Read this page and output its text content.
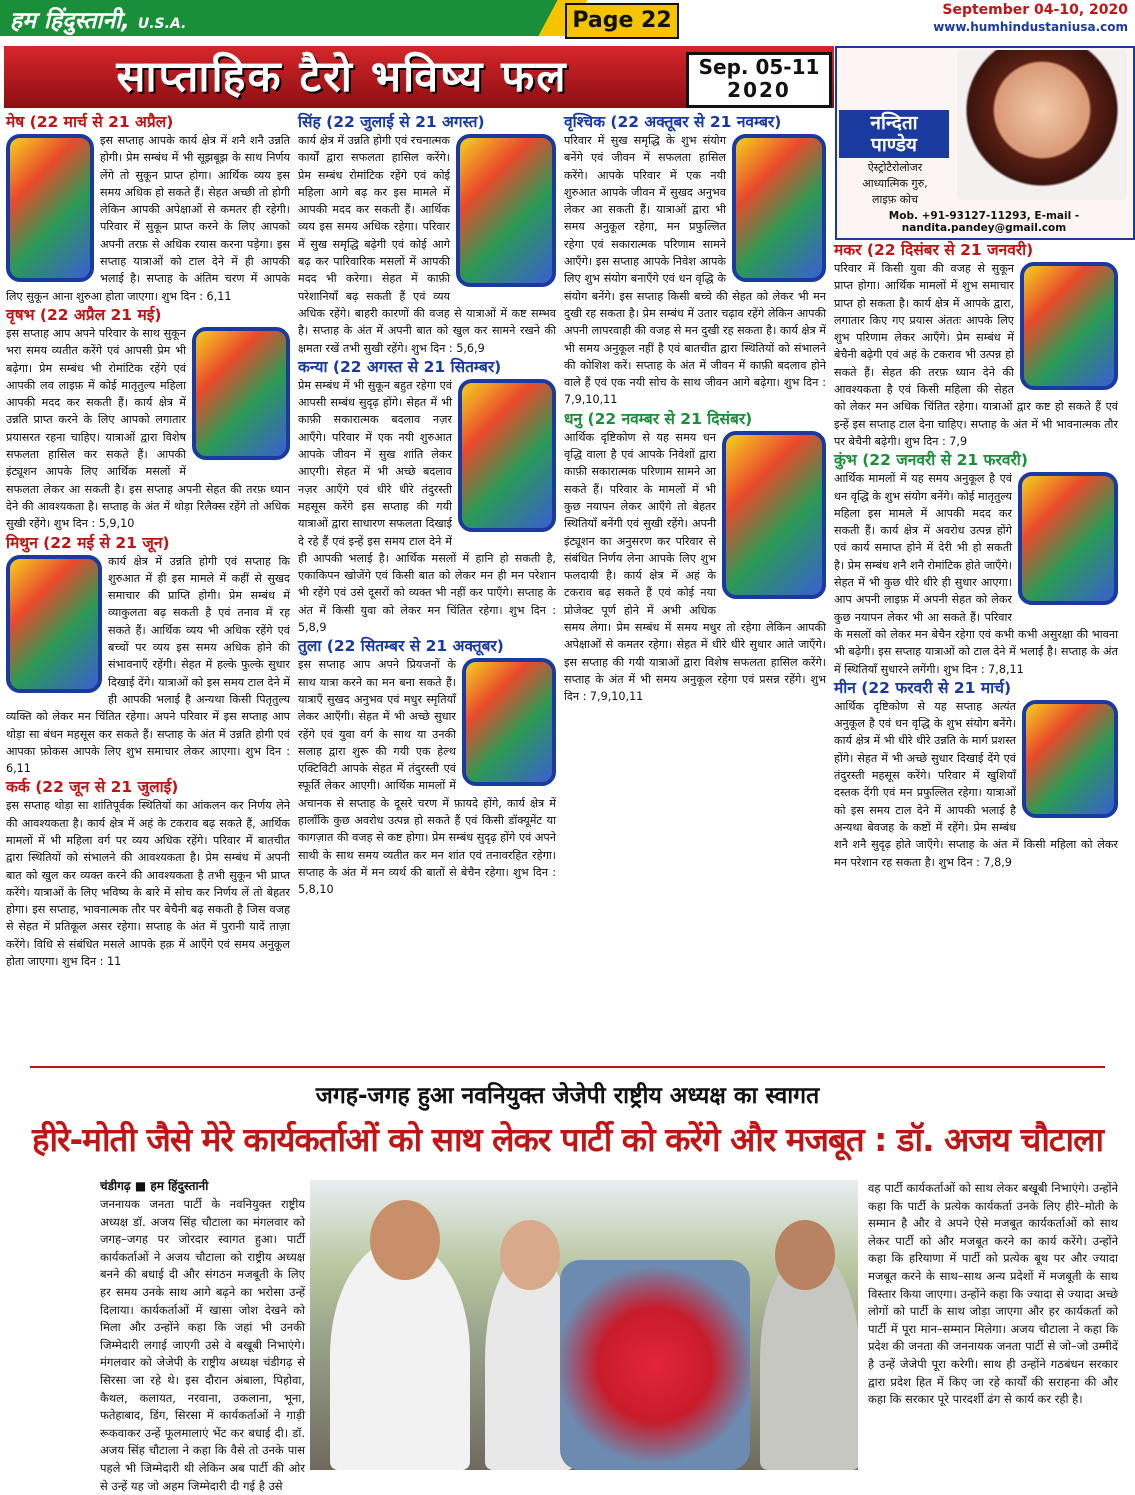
हम हिंदुस्तानी, U.S.A.	Page 22	September 04-10, 2020
www.humhindustaniusa.com
साप्ताहिक टैरो भविष्य फल	Sep. 05-11
2020
नन्दिता
पाण्डेय
ऐस्ट्रोटैरोलोजर
आध्यात्मिक गुरु,
लाइफ़ कोच
Mob. +91-93127-11293, E-mail - nandita.pandey@gmail.com
मेष (22 मार्च से 21 अप्रैल)
इस सप्ताह आपके कार्य क्षेत्र में शनै शनै उन्नति होगी। प्रेम सम्बंध में भी सूझबूझ के साथ निर्णय लेंगे तो सुकून प्राप्त होगा। आर्थिक व्यय इस समय अधिक हो सकते हैं। सेहत अच्छी तो होगी लेकिन आपकी अपेक्षाओं से कमतर ही रहेगी। परिवार में सुकून प्राप्त करने के लिए आपको अपनी तरफ़ से अधिक रयास करना पड़ेगा। इस सप्ताह यात्राओं को टाल देने में ही आपकी भलाई है। सप्ताह के अंतिम चरण में आपके लिए सुकून आना शुरुआ होता जाएगा। शुभ दिन : 6,11
वृषभ (22 अप्रैल 21 मई)
इस सप्ताह आप अपने परिवार के साथ सुकून भरा समय व्यतीत करेंगे एवं आपसी प्रेम भी बढ़ेगा। प्रेम सम्बंध भी रोमांटिक रहेंगे एवं आपकी लव लाइफ़ में कोई मातृतुल्य महिला आपकी मदद कर सकती हैं। कार्य क्षेत्र में उन्नति प्राप्त करने के लिए आपको लगातार प्रयासरत रहना चाहिए। यात्राओं द्वारा विशेष सफलता हासिल कर सकते हैं। आपकी इंट्यूशन आपके लिए आर्थिक मसलों में सफलता लेकर आ सकती है। इस सप्ताह अपनी सेहत की तरफ़ ध्यान देने की आवश्यकता है। सप्ताह के अंत में थोड़ा रिलैक्स रहेंगे तो अधिक सुखी रहेंगे। शुभ दिन : 5,9,10
मिथुन (22 मई से 21 जून)
कार्य क्षेत्र में उन्नति होगी एवं सप्ताह कि शुरुआत में ही इस मामले में कहीं से सुखद समाचार की प्राप्ति होगी। प्रेम सम्बंध में व्याकुलता बढ़ सकती है एवं तनाव में रह सकते हैं। आर्थिक व्यय भी अधिक रहेंगे एवं बच्चों पर व्यय इस समय अधिक होने की संभावनाएँ रहेंगी। सेहत में हल्के फुल्के सुधार दिखाई देंगे। यात्राओं को इस समय टाल देने में ही आपकी भलाई है अन्यथा किसी पितृतुल्य व्यक्ति को लेकर मन चिंतित रहेगा। अपने परिवार में इस सप्ताह आप थोड़ा सा बंधन महसूस कर सकते हैं। सप्ताह के अंत में उन्नति होगी एवं आपका फ़ोकस आपके लिए शुभ समाचार लेकर आएगा। शुभ दिन : 6,11
कर्क (22 जून से 21 जुलाई)
इस सप्ताह थोड़ा सा शांतिपूर्वक स्थितियों का आंकलन कर निर्णय लेने की आवश्यकता है। कार्य क्षेत्र में अहं के टकराव बढ़ सकते हैं, आर्थिक मामलों में भी महिला वर्ग पर व्यय अधिक रहेंगे। परिवार में बातचीत द्वारा स्थितियों को संभालने की आवश्यकता है। प्रेम सम्बंध में अपनी बात को खुल कर व्यक्त करने की आवश्यकता है तभी सुकून भी प्राप्त करेंगे। यात्राओं के लिए भविष्य के बारे में सोच कर निर्णय लें तो बेहतर होगा। इस सप्ताह, भावनात्मक तौर पर बेचैनी बढ़ सकती है जिस वजह से सेहत में प्रतिकूल असर रहेगा। सप्ताह के अंत में पुरानी यादें ताज़ा करेंगे। विधि से संबंधित मसले आपके हक़ में आएँगे एवं समय अनुकूल होता जाएगा। शुभ दिन : 11
सिंह (22 जुलाई से 21 अगस्त)
कार्य क्षेत्र में उन्नति होगी एवं रचनात्मक कार्यों द्वारा सफलता हासिल करेंगे। प्रेम सम्बंध रोमांटिक रहेंगे एवं कोई महिला आगे बढ़ कर इस मामले में आपकी मदद कर सकती हैं। आर्थिक व्यय इस समय अधिक रहेगा। परिवार में सुख समृद्धि बढ़ेगी एवं कोई आगे बढ़ कर पारिवारिक मसलों में आपकी मदद भी करेगा। सेहत में काफ़ी परेशानियाँ बढ़ सकती हैं एवं व्यय अधिक रहेंगे। बाहरी कारणों की वजह से यात्राओं में कष्ट सम्भव है। सप्ताह के अंत में अपनी बात को खुल कर सामने रखने की क्षमता रखें तभी सुखी रहेंगे। शुभ दिन : 5,6,9
कन्या (22 अगस्त से 21 सितम्बर)
प्रेम सम्बंध में भी सुकून बहुत रहेगा एवं आपसी सम्बंध सुदृढ़ होंगे। सेहत में भी काफ़ी सकारात्मक बदलाव नज़र आएँगे। परिवार में एक नयी शुरुआत आपके जीवन में सुख शांति लेकर आएगी। सेहत में भी अच्छे बदलाव नज़र आएँगे एवं धीरे धीरे तंदुरस्ती महसूस करेंगे इस सप्ताह की गयी यात्राओं द्वारा साधारण सफलता दिखाई दे रहे हैं एवं इन्हें इस समय टाल देने में ही आपकी भलाई है। आर्थिक मसलों में हानि हो सकती है, एकाकिपन खोजेंगे एवं किसी बात को लेकर मन ही मन परेशान भी रहेंगे एवं उसे दूसरों को व्यक्त भी नहीं कर पाएँगे। सप्ताह के अंत में किसी युवा को लेकर मन चिंतित रहेगा। शुभ दिन : 5,8,9
तुला (22 सितम्बर से 21 अक्तूबर)
इस सप्ताह आप अपने प्रियजनों के साथ यात्रा करने का मन बना सकते हैं। यात्राएँ सुखद अनुभव एवं मधुर स्मृतियाँ लेकर आएँगी। सेहत में भी अच्छे सुधार रहेंगे एवं युवा वर्ग के साथ या उनकी सलाह द्वारा शुरू की गयी एक हेल्थ एक्टिविटी आपके सेहत में तंदुरस्ती एवं स्फूर्ति लेकर आएगी। आर्थिक मामलों में अचानक से सप्ताह के दूसरे चरण में फ़ायदे होंगे, कार्य क्षेत्र में हालाँकि कुछ अवरोध उत्पन्न हो सकते हैं एवं किसी डॉक्यूमेंट या कागज़ात की वजह से कष्ट होगा। प्रेम सम्बंध सुदृढ़ होंगे एवं अपने साथी के साथ समय व्यतीत कर मन शांत एवं तनावरहित रहेगा। सप्ताह के अंत में मन व्यर्थ की बातों से बेचैन रहेगा। शुभ दिन : 5,8,10
वृश्चिक (22 अक्तूबर से 21 नवम्बर)
परिवार में सुख समृद्धि के शुभ संयोग बनेंगे एवं जीवन में सफलता हासिल करेंगे। आपके परिवार में एक नयी शुरुआत आपके जीवन में सुखद अनुभव लेकर आ सकती हैं। यात्राओं द्वारा भी समय अनुकूल रहेगा, मन प्रफुल्लित रहेगा एवं सकारात्मक परिणाम सामने आएँगे। इस सप्ताह आपके निवेश आपके लिए शुभ संयोग बनाएँगे एवं धन वृद्धि के संयोग बनेंगे। इस सप्ताह किसी बच्चे की सेहत को लेकर भी मन दुखी रह सकता है। प्रेम सम्बंध में उतार चढ़ाव रहेंगे लेकिन आपकी अपनी लापरवाही की वजह से मन दुखी रह सकता है। कार्य क्षेत्र में भी समय अनुकूल नहीं है एवं बातचीत द्वारा स्थितियों को संभालने की कोशिश करें। सप्ताह के अंत में जीवन में काफ़ी बदलाव होने वाले हैं एवं एक नयी सोच के साथ जीवन आगे बढ़ेगा। शुभ दिन : 7,9,10,11
धनु (22 नवम्बर से 21 दिसंबर)
आर्थिक दृष्टिकोण से यह समय धन वृद्धि वाला है एवं आपके निवेशों द्वारा काफ़ी सकारात्मक परिणाम सामने आ सकते हैं। परिवार के मामलों में भी कुछ नयापन लेकर आएँगे तो बेहतर स्थितियाँ बनेंगी एवं सुखी रहेंगे। अपनी इंट्यूशन का अनुसरण कर परिवार से संबंधित निर्णय लेना आपके लिए शुभ फलदायी है। कार्य क्षेत्र में अहं के टकराव बढ़ सकते हैं एवं कोई नया प्रोजेक्ट पूर्ण होने में अभी अधिक समय लेगा। प्रेम सम्बंध में समय मधुर तो रहेगा लेकिन आपकी अपेक्षाओं से कमतर रहेगा। सेहत में धीरे धीरे सुधार आते जाएँगे। इस सप्ताह की गयी यात्राओं द्वारा विशेष सफलता हासिल करेंगे। सप्ताह के अंत में भी समय अनुकूल रहेगा एवं प्रसन्न रहेंगे। शुभ दिन : 7,9,10,11
मकर (22 दिसंबर से 21 जनवरी)
परिवार में किसी युवा की वजह से सुकून प्राप्त होगा। आर्थिक मामलों में शुभ समाचार प्राप्त हो सकता है। कार्य क्षेत्र में आपके द्वारा, लगातार किए गए प्रयास अंततः आपके लिए शुभ परिणाम लेकर आएँगे। प्रेम सम्बंध में बेचैनी बढ़ेगी एवं अहं के टकराव भी उत्पन्न हो सकते हैं। सेहत की तरफ़ ध्यान देने की आवश्यकता है एवं किसी महिला की सेहत को लेकर मन अधिक चिंतित रहेगा। यात्राओं द्वार कष्ट हो सकते हैं एवं इन्हें इस सप्ताह टाल देना चाहिए। सप्ताह के अंत में भी भावनात्मक तौर पर बेचैनी बढ़ेगी। शुभ दिन : 7,9
कुंभ (22 जनवरी से 21 फरवरी)
आर्थिक मामलों में यह समय अनुकूल है एवं धन वृद्धि के शुभ संयोग बनेंगे। कोई मातृतुल्य महिला इस मामले में आपकी मदद कर सकती हैं। कार्य क्षेत्र में अवरोध उत्पन्न होंगे एवं कार्य समाप्त होने में देरी भी हो सकती है। प्रेम सम्बंध शनै शनै रोमांटिक होते जाएँगे। सेहत में भी कुछ धीरे धीरे ही सुधार आएगा। आप अपनी लाइफ़ में अपनी सेहत को लेकर कुछ नयापन लेकर भी आ सकते हैं। परिवार के मसलों को लेकर मन बेचैन रहेगा एवं कभी कभी असुरक्षा की भावना भी बढ़ेगी। इस सप्ताह यात्राओं को टाल देने में भलाई है। सप्ताह के अंत में स्थितियाँ सुधारने लगेंगी। शुभ दिन : 7,8,11
मीन (22 फरवरी से 21 मार्च)
आर्थिक दृष्टिकोण से यह सप्ताह अत्यंत अनुकूल है एवं धन वृद्धि के शुभ संयोग बनेंगे। कार्य क्षेत्र में भी धीरे धीरे उन्नति के मार्ग प्रशस्त होंगे। सेहत में भी अच्छे सुधार दिखाई देंगे एवं तंदुरस्ती महसूस करेंगे। परिवार में खुशियाँ दस्तक देंगी एवं मन प्रफुल्लित रहेगा। यात्राओं को इस समय टाल देने में आपकी भलाई है अन्यथा बेवजह के कष्टों में रहेंगे। प्रेम सम्बंध शनै शनै सुदृढ़ होते जाएँगे। सप्ताह के अंत में किसी महिला को लेकर मन परेशान रह सकता है। शुभ दिन : 7,8,9
जगह-जगह हुआ नवनियुक्त जेजेपी राष्ट्रीय अध्यक्ष का स्वागत
हीरे-मोती जैसे मेरे कार्यकर्ताओं को साथ लेकर पार्टी को करेंगे और मजबूत : डॉ. अजय चौटाला
चंडीगढ़ ■ हम हिंदुस्तानी
जननायक जनता पार्टी के नवनियुक्त राष्ट्रीय अध्यक्ष डॉ. अजय सिंह चौटाला का मंगलवार को जगह–जगह पर जोरदार स्वागत हुआ। पार्टी कार्यकर्ताओं ने अजय चौटाला को राष्ट्रीय अध्यक्ष बनने की बधाई दी और संगठन मजबूती के लिए हर समय उनके साथ आगे बढ़ने का भरोसा उन्हें दिलाया। कार्यकर्ताओं में खासा जोश देखने को मिला और उन्होंने कहा कि जहां भी उनकी जिम्मेदारी लगाई जाएगी उसे वे बखूबी निभाएंगे। मंगलवार को जेजेपी के राष्ट्रीय अध्यक्ष चंडीगढ़ से सिरसा जा रहे थे। इस दौरान अंबाला, पिहोवा, कैथल, कलायत, नरवाना, उकलाना, भूना, फतेहाबाद, डिंग, सिरसा में कार्यकर्ताओं ने गाड़ी रूकवाकर उन्हें फूलमालाएं भेंट कर बधाई दी। डॉ. अजय सिंह चौटाला ने कहा कि वैसे तो उनके पास पहले भी जिम्मेदारी थी लेकिन अब पार्टी की ओर से उन्हें यह जो अहम जिम्मेदारी दी गई है उसे
वह पार्टी कार्यकर्ताओं को साथ लेकर बखूबी निभाएंगे। उन्होंने कहा कि पार्टी के प्रत्येक कार्यकर्ता उनके लिए हीरे–मोती के सम्मान है और वे अपने ऐसे मजबूत कार्यकर्ताओं को साथ लेकर पार्टी को और मजबूत करने का कार्य करेंगे। उन्होंने कहा कि हरियाणा में पार्टी को प्रत्येक बूथ पर और ज्यादा मजबूत करने के साथ–साथ अन्य प्रदेशों में मजबूती के साथ विस्तार किया जाएगा। उन्होंने कहा कि ज्यादा से ज्यादा अच्छे लोगों को पार्टी के साथ जोड़ा जाएगा और हर कार्यकर्ता को पार्टी में पूरा मान–सम्मान मिलेगा। अजय चौटाला ने कहा कि प्रदेश की जनता की जननायक जनता पार्टी से जो–जो उम्मीदें है उन्हें जेजेपी पूरा करेगी। साथ ही उन्होंने गठबंधन सरकार द्वारा प्रदेश हित में किए जा रहे कार्यों की सराहना की और कहा कि सरकार पूरे पारदर्शी ढंग से कार्य कर रही है।
